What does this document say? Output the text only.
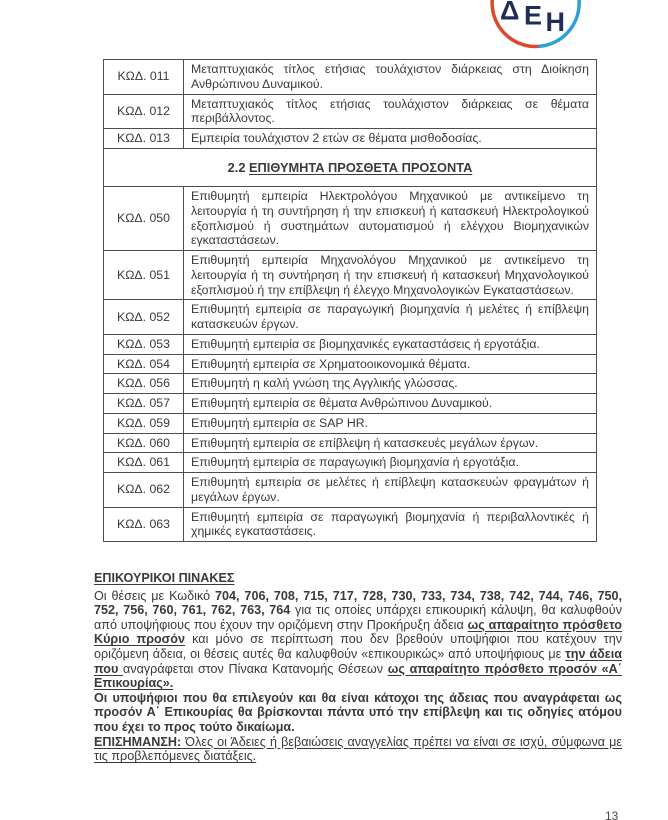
Δ Ε Η
ΚΩΔ. 011	Μεταπτυχιακός τίτλος ετήσιας τουλάχιστον διάρκειας στη Διοίκηση Ανθρώπινου Δυναμικού.
ΚΩΔ. 012	Μεταπτυχιακός τίτλος ετήσιας τουλάχιστον διάρκειας σε θέματα περιβάλλοντος.
ΚΩΔ. 013	Εμπειρία τουλάχιστον 2 ετών σε θέματα μισθοδοσίας.
2.2 ΕΠΙΘΥΜΗΤΑ ΠΡΟΣΘΕΤΑ ΠΡΟΣΟΝΤΑ	
ΚΩΔ. 050	Επιθυμητή εμπειρία Ηλεκτρολόγου Μηχανικού με αντικείμενο τη λειτουργία ή τη συντήρηση ή την επισκευή ή κατασκευή Ηλεκτρολογικού εξοπλισμού ή συστημάτων αυτοματισμού ή ελέγχου Βιομηχανικών εγκαταστάσεων.
ΚΩΔ. 051	Επιθυμητή εμπειρία Μηχανολόγου Μηχανικού με αντικείμενο τη λειτουργία ή τη συντήρηση ή την επισκευή ή κατασκευή Μηχανολογικού εξοπλισμού ή την επίβλεψη ή έλεγχο Μηχανολογικών Εγκαταστάσεων.
ΚΩΔ. 052	Επιθυμητή εμπειρία σε παραγωγική βιομηχανία ή μελέτες ή επίβλεψη κατασκευών έργων.
ΚΩΔ. 053	Επιθυμητή εμπειρία σε βιομηχανικές εγκαταστάσεις ή εργοτάξια.
ΚΩΔ. 054	Επιθυμητή εμπειρία σε Χρηματοοικονομικά θέματα.
ΚΩΔ. 056	Επιθυμητή η καλή γνώση της Αγγλικής γλώσσας.
ΚΩΔ. 057	Επιθυμητή εμπειρία σε θέματα Ανθρώπινου Δυναμικού.
ΚΩΔ. 059	Επιθυμητή εμπειρία σε SAP HR.
ΚΩΔ. 060	Επιθυμητή εμπειρία σε επίβλεψη ή κατασκευές μεγάλων έργων.
ΚΩΔ. 061	Επιθυμητή εμπειρία σε παραγωγική βιομηχανία ή εργοτάξια.
ΚΩΔ. 062	Επιθυμητή εμπειρία σε μελέτες ή επίβλεψη κατασκευών φραγμάτων ή μεγάλων έργων.
ΚΩΔ. 063	Επιθυμητή εμπειρία σε παραγωγική βιομηχανία ή περιβαλλοντικές ή χημικές εγκαταστάσεις.
ΕΠΙΚΟΥΡΙΚΟΙ ΠΙΝΑΚΕΣ

Οι θέσεις με Κωδικό 704, 706, 708, 715, 717, 728, 730, 733, 734, 738, 742, 744, 746, 750, 752, 756, 760, 761, 762, 763, 764 για τις οποίες υπάρχει επικουρική κάλυψη, θα καλυφθούν από υποψήφιους που έχουν την οριζόμενη στην Προκήρυξη άδεια ως απαραίτητο πρόσθετο Κύριο προσόν και μόνο σε περίπτωση που δεν βρεθούν υποψήφιοι που κατέχουν την οριζόμενη άδεια, οι θέσεις αυτές θα καλυφθούν «επικουρικώς» από υποψήφιους με την άδεια που αναγράφεται στον Πίνακα Κατανομής Θέσεων ως απαραίτητο πρόσθετο προσόν «Α΄ Επικουρίας».

Οι υποψήφιοι που θα επιλεγούν και θα είναι κάτοχοι της άδειας που αναγράφεται ως προσόν Α΄ Επικουρίας θα βρίσκονται πάντα υπό την επίβλεψη και τις οδηγίες ατόμου που έχει το προς τούτο δικαίωμα.

ΕΠΙΣΗΜΑΝΣΗ: Όλες οι Άδειες ή βεβαιώσεις αναγγελίας πρέπει να είναι σε ισχύ, σύμφωνα με τις προβλεπόμενες διατάξεις.

13
